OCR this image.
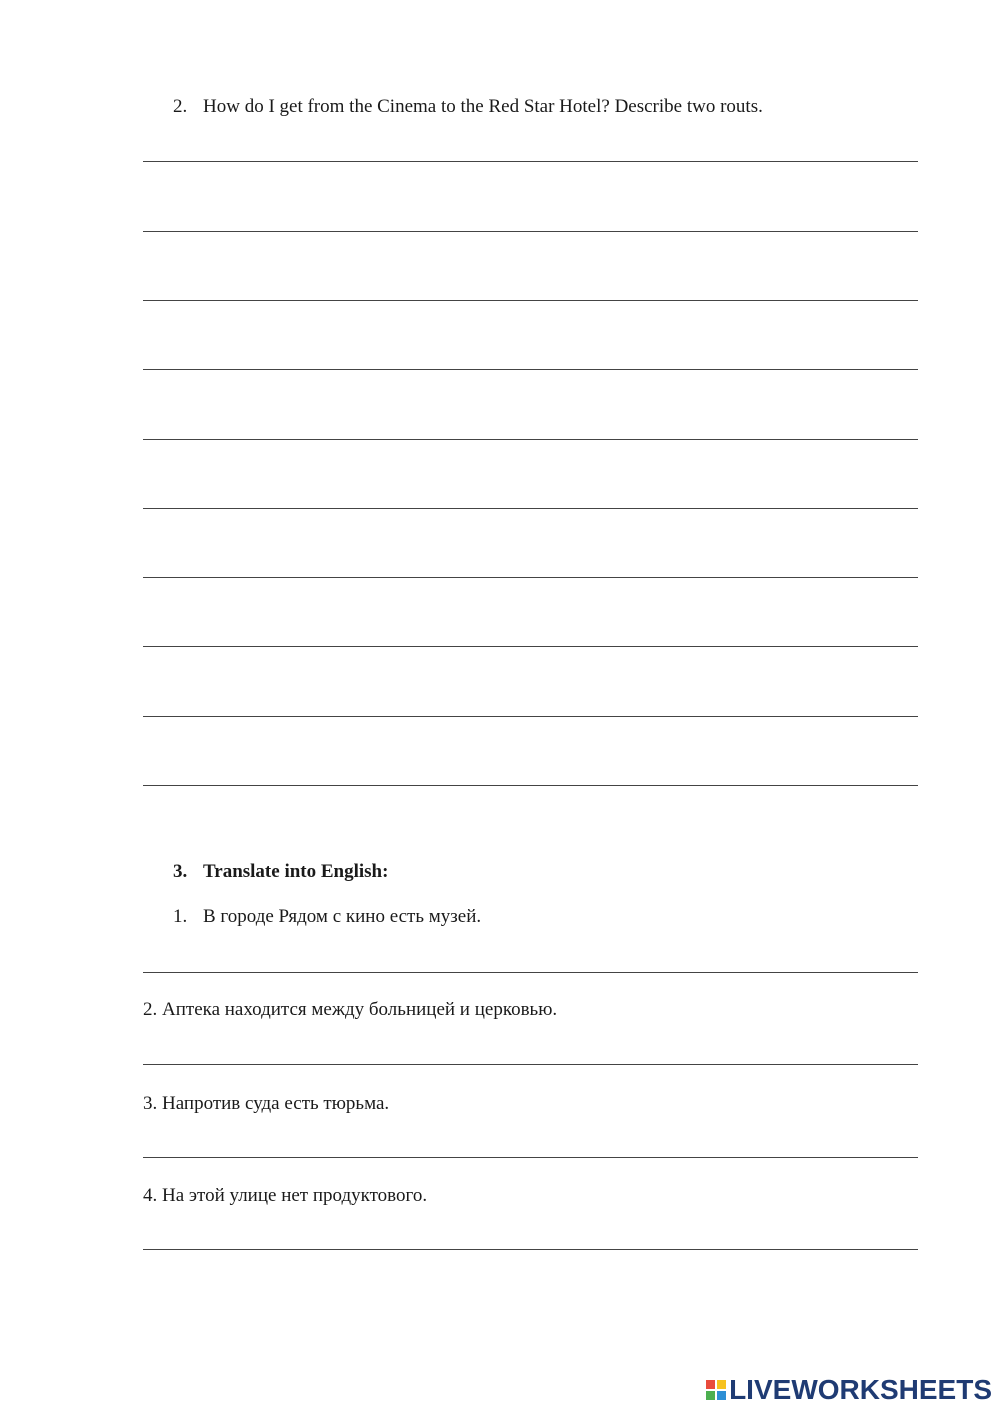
2. How do I get from the Cinema to the Red Star Hotel? Describe two routs.
3. Translate into English:
1. В городе Рядом с кино есть музей.
2. Аптека находится между больницей и церковью.
3. Напротив суда есть тюрьма.
4. На этой улице нет продуктового.
LIVEWORKSHEETS
